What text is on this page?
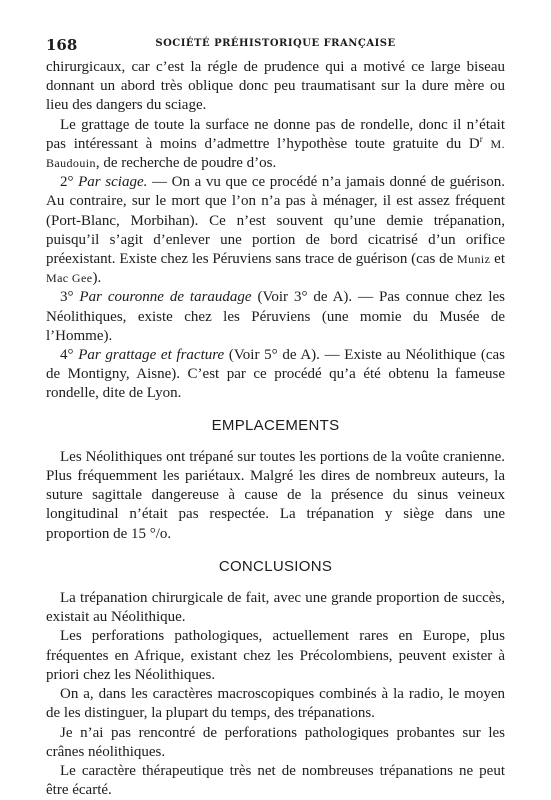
168	SOCIÉTÉ PRÉHISTORIQUE FRANÇAISE

chirurgicaux, car c’est la régle de prudence qui a motivé ce large biseau donnant un abord très oblique donc peu traumatisant sur la dure mère ou lieu des dangers du sciage.

Le grattage de toute la surface ne donne pas de rondelle, donc il n’était pas intéressant à moins d’admettre l’hypothèse toute gratuite du $D^r$ M. Baudouin, de recherche de poudre d’os.

2° Par sciage. — On a vu que ce procédé n’a jamais donné de guérison. Au contraire, sur le mort que l’on n’a pas à ménager, il est assez fréquent (Port-Blanc, Morbihan). Ce n’est souvent qu’une demie trépanation, puisqu’il s’agit d’enlever une portion de bord cicatrisé d’un orifice préexistant. Existe chez les Péruviens sans trace de guérison (cas de Muniz et Mac Gee).

3° Par couronne de taraudage (Voir 3° de A). — Pas connue chez les Néolithiques, existe chez les Péruviens (une momie du Musée de l’Homme).

4° Par grattage et fracture (Voir 5° de A). — Existe au Néolithique (cas de Montigny, Aisne). C’est par ce procédé qu’a été obtenu la fameuse rondelle, dite de Lyon.

EMPLACEMENTS

Les Néolithiques ont trépané sur toutes les portions de la voûte cranienne. Plus fréquemment les pariétaux. Malgré les dires de nombreux auteurs, la suture sagittale dangereuse à cause de la présence du sinus veineux longitudinal n’était pas respectée. La trépanation y siège dans une proportion de 15 °/o.

CONCLUSIONS

La trépanation chirurgicale de fait, avec une grande proportion de succès, existait au Néolithique.

Les perforations pathologiques, actuellement rares en Europe, plus fréquentes en Afrique, existant chez les Précolombiens, peuvent exister à priori chez les Néolithiques.

On a, dans les caractères macroscopiques combinés à la radio, le moyen de les distinguer, la plupart du temps, des trépanations.

Je n’ai pas rencontré de perforations pathologiques probantes sur les crânes néolithiques.

Le caractère thérapeutique très net de nombreuses trépanations ne peut être écarté.
